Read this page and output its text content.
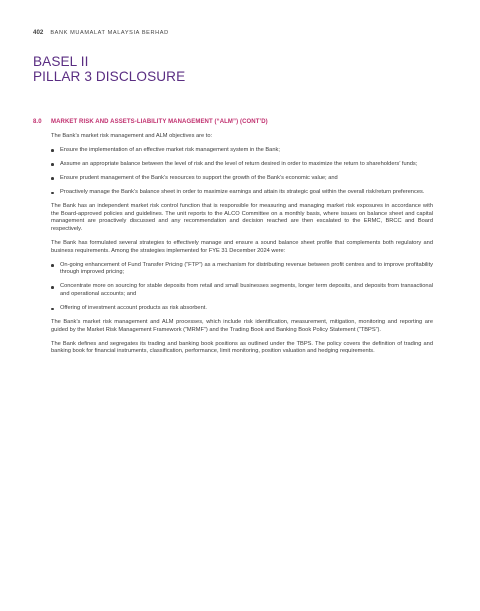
402 BANK MUAMALAT MALAYSIA BERHAD
BASEL II
PILLAR 3 DISCLOSURE
8.0 MARKET RISK AND ASSETS-LIABILITY MANAGEMENT (“ALM”) (CONT’D)

The Bank’s market risk management and ALM objectives are to:

Ensure the implementation of an effective market risk management system in the Bank;
Assume an appropriate balance between the level of risk and the level of return desired in order to maximize the return to shareholders’ funds;
Ensure prudent management of the Bank’s resources to support the growth of the Bank’s economic value; and
Proactively manage the Bank’s balance sheet in order to maximize earnings and attain its strategic goal within the overall risk/return preferences.

The Bank has an independent market risk control function that is responsible for measuring and managing market risk exposures in accordance with the Board-approved policies and guidelines. The unit reports to the ALCO Committee on a monthly basis, where issues on balance sheet and capital management are proactively discussed and any recommendation and decision reached are then escalated to the ERMC, BRCC and Board respectively.

The Bank has formulated several strategies to effectively manage and ensure a sound balance sheet profile that complements both regulatory and business requirements. Among the strategies implemented for FYE 31 December 2024 were:

On-going enhancement of Fund Transfer Pricing (“FTP”) as a mechanism for distributing revenue between profit centres and to improve profitability through improved pricing;
Concentrate more on sourcing for stable deposits from retail and small businesses segments, longer term deposits, and deposits from transactional and operational accounts; and
Offering of investment account products as risk absorbent.

The Bank’s market risk management and ALM processes, which include risk identification, measurement, mitigation, monitoring and reporting are guided by the Market Risk Management Framework (“MRMF”) and the Trading Book and Banking Book Policy Statement (“TBPS”).

The Bank defines and segregates its trading and banking book positions as outlined under the TBPS. The policy covers the definition of trading and banking book for financial instruments, classification, performance, limit monitoring, position valuation and hedging requirements.
